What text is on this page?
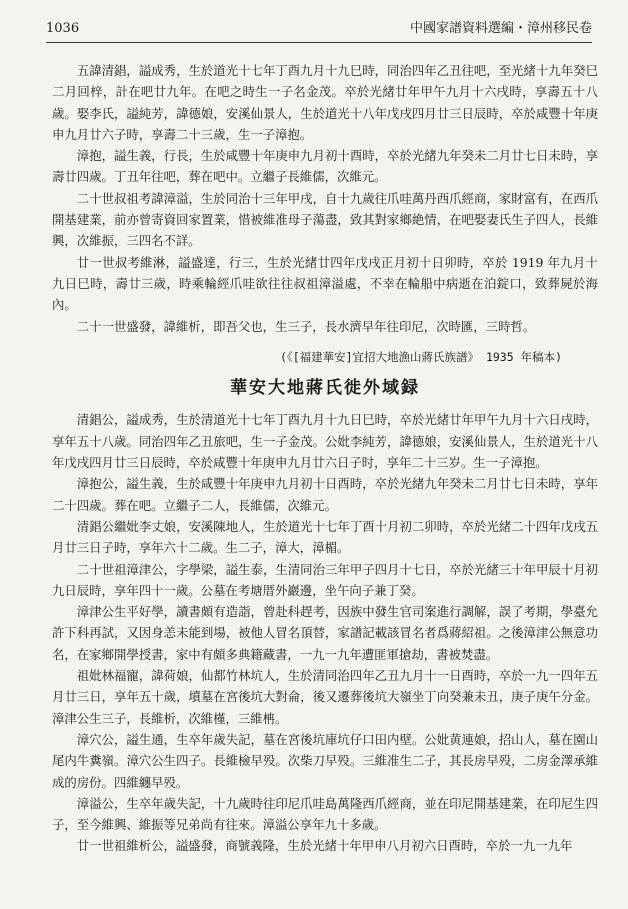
1036	中國家譜資料選編・漳州移民卷

五諱清錩，謚成秀，生於道光十七年丁酉九月十九巳時，同治四年乙丑往吧，至光緒十九年癸巳二月回梓，計在吧廿九年。在吧之時生一子名金茂。卒於光緒廿年甲午九月十六戌時，享壽五十八歲。娶李氏，謚純芳，諱德娘，安溪仙景人，生於道光十八年戊戌四月廿三日辰時，卒於咸豐十年庚申九月廿六子時，享壽二十三歲，生一子漳抱。

漳抱，謚生義，行長，生於咸豐十年庚申九月初十酉時，卒於光緒九年癸未二月廿七日未時，享壽廿四歲。丁丑年往吧，葬在吧中。立繼子長維儒，次維元。

二十世叔祖考諱漳溢，生於同治十三年甲戌，自十九歲往爪哇萬丹西爪經商，家財富有，在西爪開基建業，前亦曾寄資回家置業，惜被維准母子蕩盡，致其對家鄉絶情，在吧娶妻氏生子四人，長維興，次維振，三四名不詳。

廿一世叔考維淋，謚盛達，行三，生於光緒廿四年戊戌正月初十日卯時，卒於 1919 年九月十九日巳時，壽廿三歲，時乘輪經爪哇欲往往叔祖漳溢處，不幸在輪船中病逝在泊錠口，致葬屍於海內。

二十一世盛發，諱維析，即吾父也，生三子，長水濟早年往印尼，次時匯，三時哲。

(《[福建華安]宜招大地漁山蔣氏族譜》 1935 年稿本)
華安大地蔣氏徙外域録

清錩公，謚成秀，生於清道光十七年丁酉九月十九日巳時，卒於光緒廿年甲午九月十六日戌時，享年五十八歲。同治四年乙丑旅吧，生一子金茂。公妣李純芳，諱德娘，安溪仙景人，生於道光十八年戊戌四月廿三日辰時，卒於咸豐十年庚申九月廿六日子时，享年二十三岁。生一子漳抱。

漳抱公，謚生義，生於咸豐十年庚申九月初十日酉時，卒於光緒九年癸未二月廿七日未時，享年二十四歲。葬在吧。立繼子二人，長維儒，次維元。

清錩公繼妣李丈娘，安溪陳地人，生於道光十七年丁酉十月初二卯時，卒於光緒二十四年戊戌五月廿三日子時，享年六十二歲。生二子，漳大，漳楣。

二十世祖漳津公，字學梁，謚生泰，生清同治三年甲子四月十七日，卒於光緒三十年甲辰十月初九日辰時，享年四十一歲。公墓在考塘厝外巖邊，坐午向子兼丁癸。

漳津公生平好學，讀書頗有造詣，曾赴科趕考，因族中發生官司案進行調解，誤了考期，學臺允許下科再試，又因身恙未能到場，被他人冒名頂替，家譜記載該冒名者爲蔣紹祖。之後漳津公無意功名，在家鄉開學授書，家中有頗多典籍藏書，一九一九年遭匪軍搶劫，書被焚盡。

祖妣林福寵，諱荷娘，仙都竹林坑人，生於清同治四年乙丑九月十一日酉時，卒於一九一四年五月廿三日，享年五十歲，墳墓在宮後坑大對侖，後又遷葬後坑大嶺坐丁向癸兼未丑，庚子庚午分金。漳津公生三子，長維析，次維槿，三維柟。

漳穴公，謚生通，生卒年歲失記，墓在宮後坑庫坑仔口田内壁。公妣黄連娘，招山人，墓在園山尾内牛糞嶺。漳穴公生四子。長維檢早殁。次柴刀早殁。三維准生二子，其長房早殁，二房金澤承維成的房份。四維纏早殁。

漳溢公，生卒年歲失記，十九歲時往印尼爪哇島萬隆西爪經商，並在印尼開基建業，在印尼生四子，至今維興、維振等兄弟尚有往來。漳溢公享年九十多歲。

廿一世祖維析公，謚盛發，商號義隆，生於光緒十年甲申八月初六日酉時，卒於一九一九年
